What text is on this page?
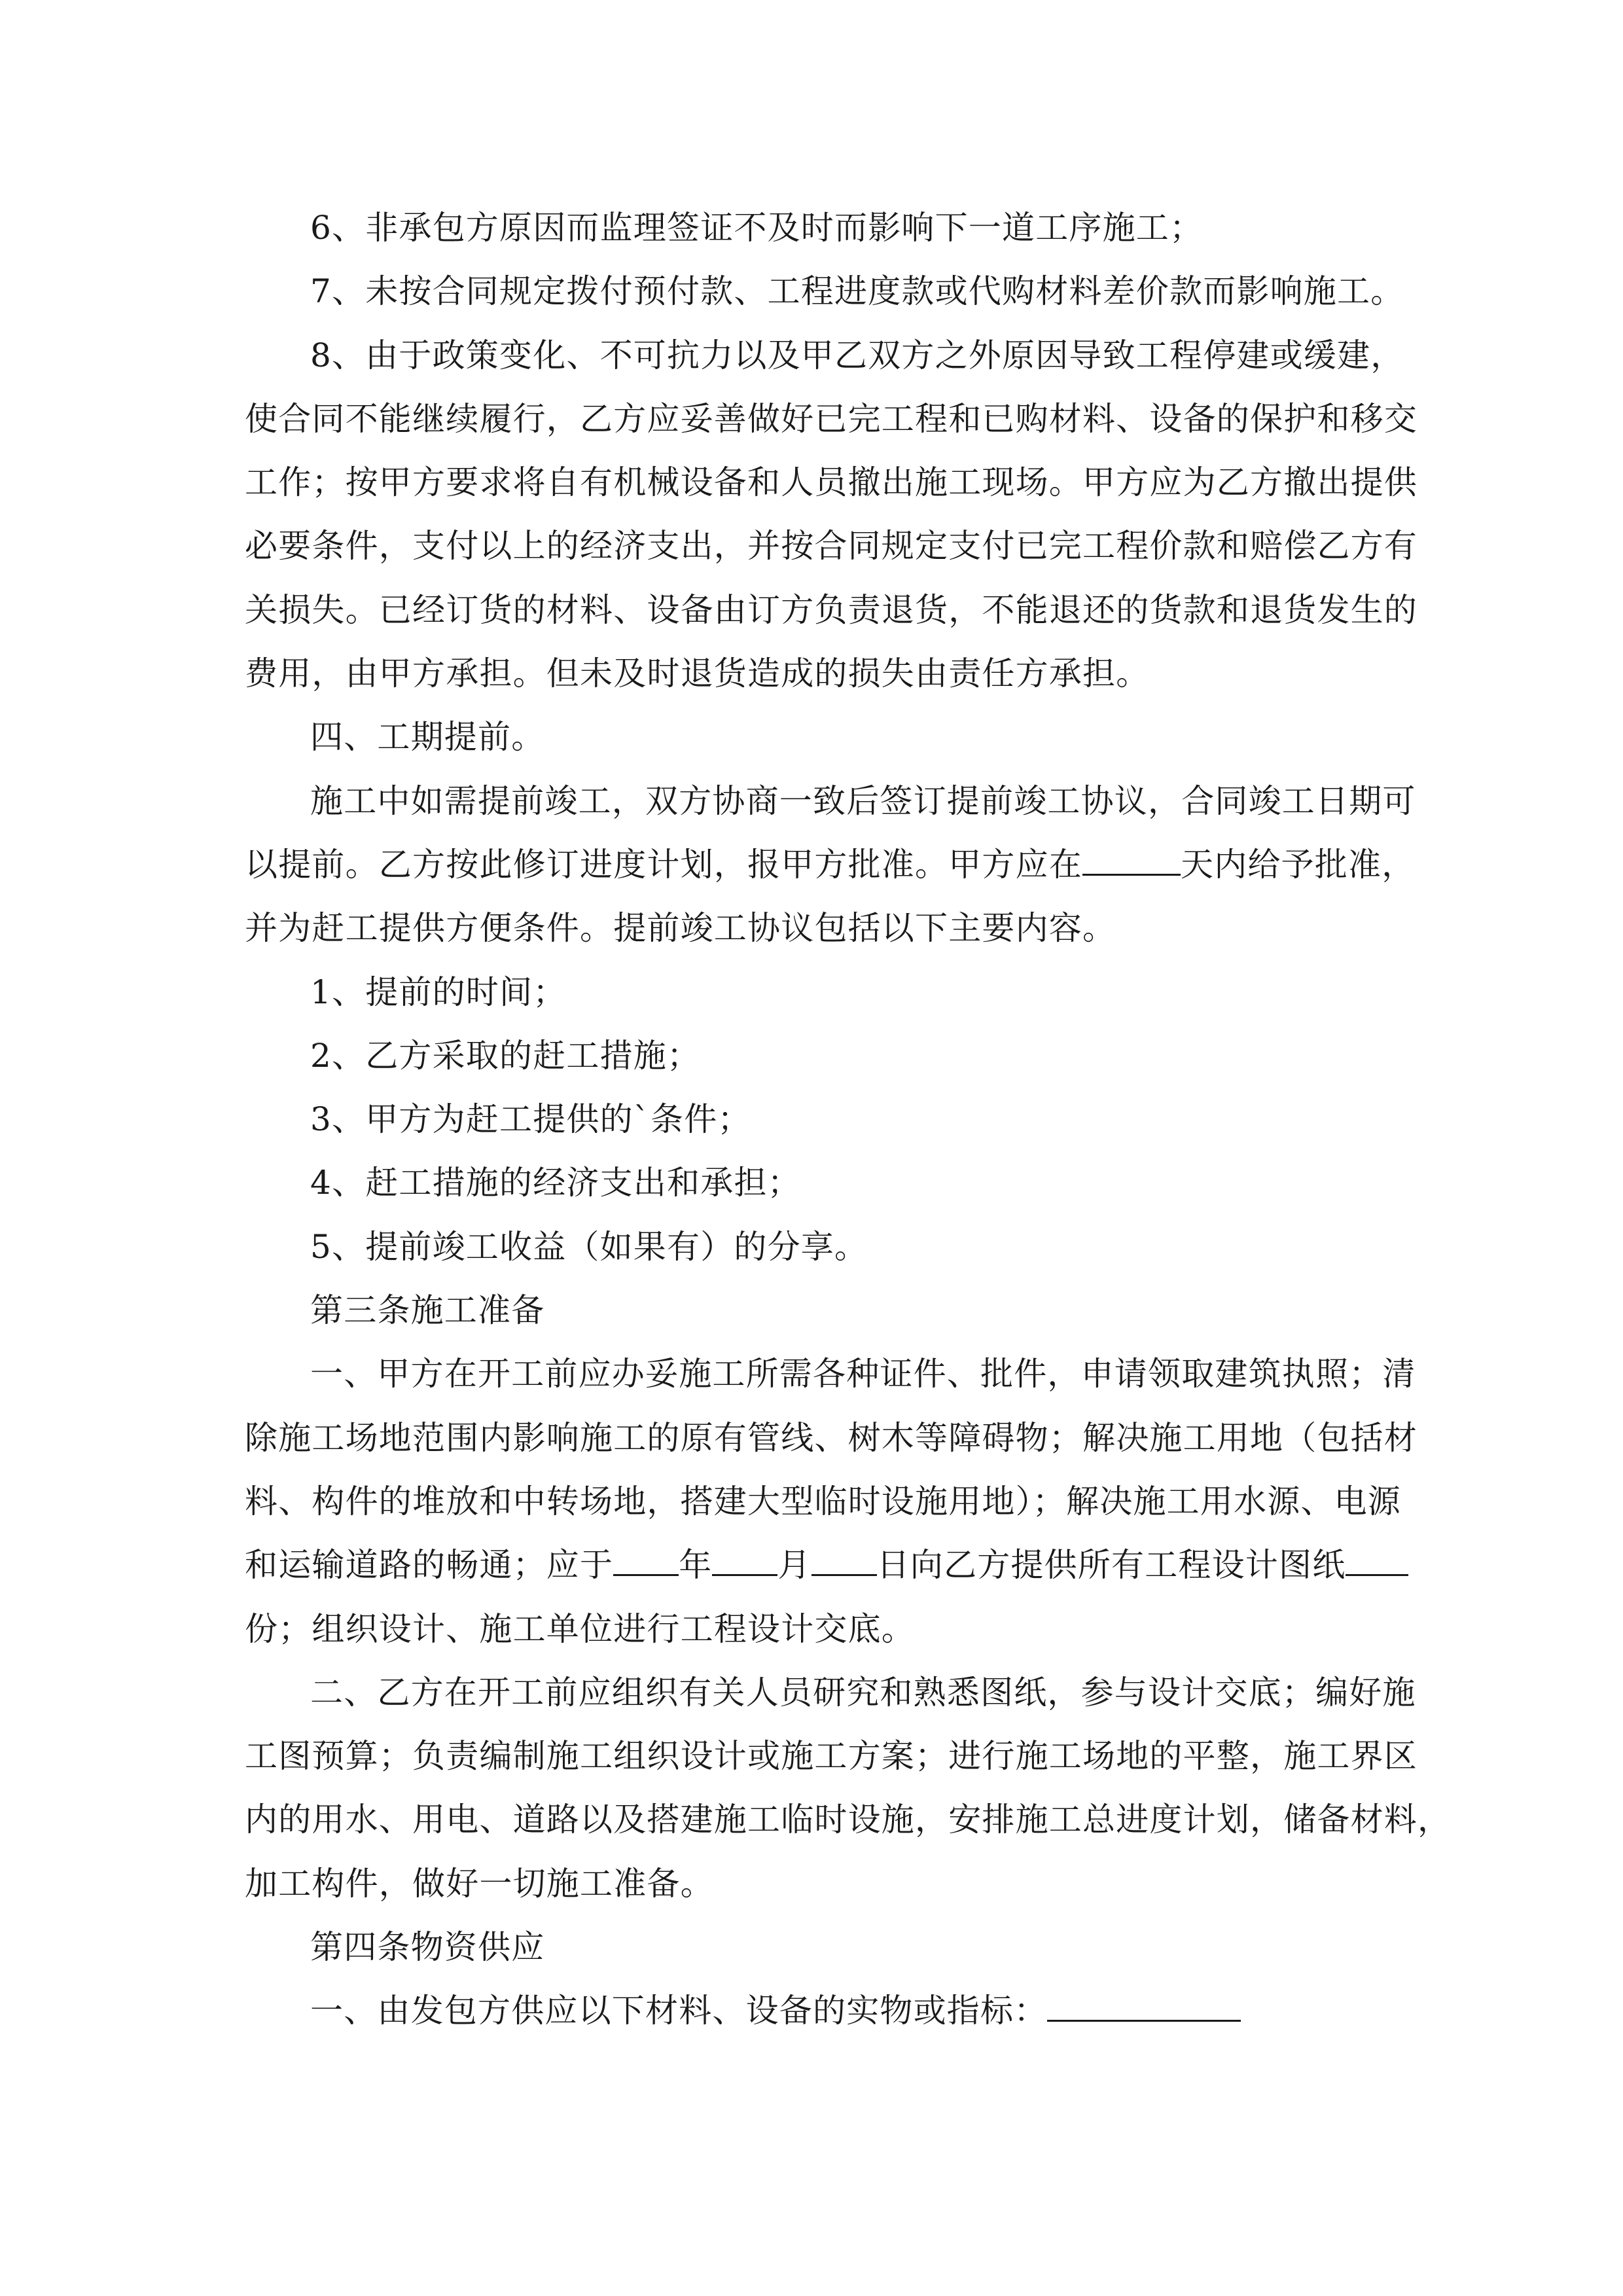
6、非承包方原因而监理签证不及时而影响下一道工序施工；
7、未按合同规定拨付预付款、工程进度款或代购材料差价款而影响施工。
8、由于政策变化、不可抗力以及甲乙双方之外原因导致工程停建或缓建，
使合同不能继续履行，乙方应妥善做好已完工程和已购材料、设备的保护和移交
工作；按甲方要求将自有机械设备和人员撤出施工现场。甲方应为乙方撤出提供
必要条件，支付以上的经济支出，并按合同规定支付已完工程价款和赔偿乙方有
关损失。已经订货的材料、设备由订方负责退货，不能退还的货款和退货发生的
费用，由甲方承担。但未及时退货造成的损失由责任方承担。
四、工期提前。
施工中如需提前竣工，双方协商一致后签订提前竣工协议，合同竣工日期可
以提前。乙方按此修订进度计划，报甲方批准。甲方应在	天内给予批准，
并为赶工提供方便条件。提前竣工协议包括以下主要内容。
1、提前的时间；
2、乙方采取的赶工措施；
3、甲方为赶工提供的`条件；
4、赶工措施的经济支出和承担；
5、提前竣工收益（如果有）的分享。
第三条施工准备
一、甲方在开工前应办妥施工所需各种证件、批件，申请领取建筑执照；清
除施工场地范围内影响施工的原有管线、树木等障碍物；解决施工用地（包括材
料、构件的堆放和中转场地，搭建大型临时设施用地）；解决施工用水源、电源
和运输道路的畅通；应于 年 月 日向乙方提供所有工程设计图纸
份；组织设计、施工单位进行工程设计交底。
二、乙方在开工前应组织有关人员研究和熟悉图纸，参与设计交底；编好施
工图预算；负责编制施工组织设计或施工方案；进行施工场地的平整，施工界区
内的用水、用电、道路以及搭建施工临时设施，安排施工总进度计划，储备材料，
加工构件，做好一切施工准备。
第四条物资供应
一、由发包方供应以下材料、设备的实物或指标：
